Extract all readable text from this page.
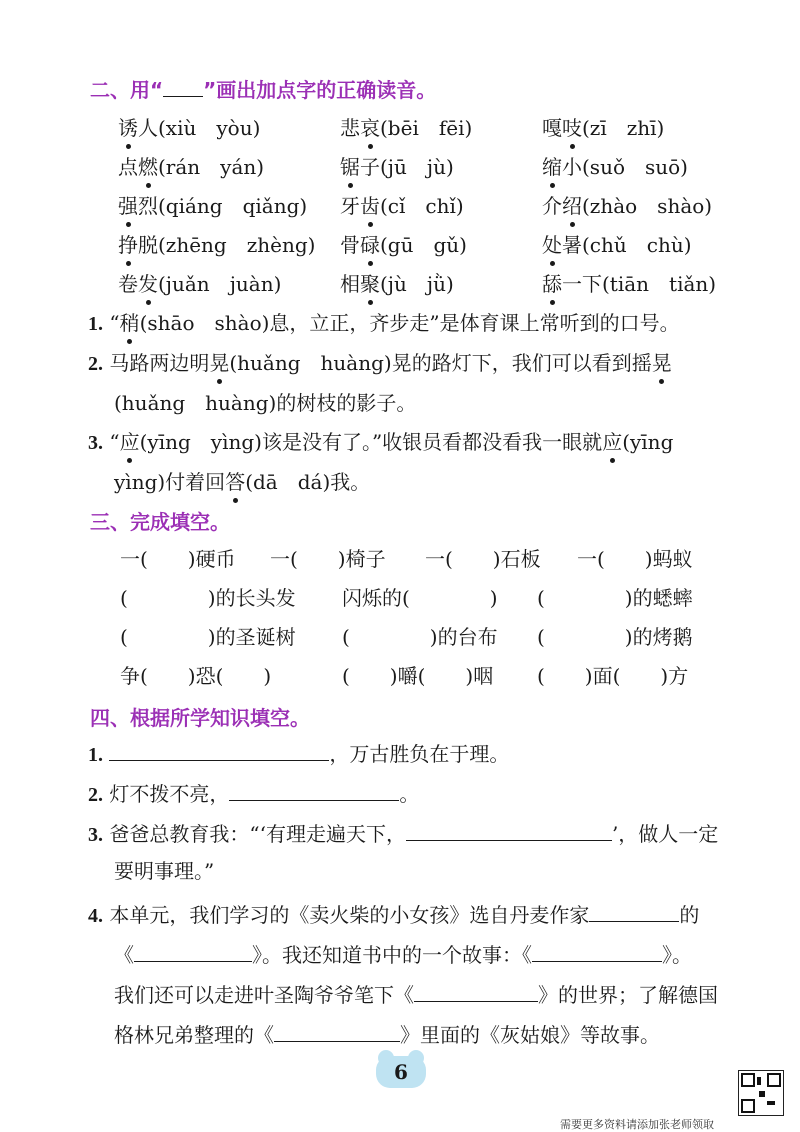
二、用“ ”画出加点字的正确读音。
诱人(xiù　yòu)	悲哀(bēi　fēi)	嘎吱(zī　zhī)
点燃(rán　yán)	锯子(jū　jù)	缩小(suǒ　suō)
强烈(qiáng　qiǎng) 牙齿(cǐ　chǐ)	介绍(zhào　shào)
挣脱(zhēng　zhèng) 骨碌(gū　gǔ)	处暑(chǔ　chù)
卷发(juǎn　juàn)	相聚(jù　jǜ)	舔一下(tiān　tiǎn)
1. “稍(shāo　shào)息，立正，齐步走”是体育课上常听到的口号。
2. 马路两边明晃(huǎng　huàng)晃的路灯下，我们可以看到摇晃
(huǎng　huàng)的树枝的影子。
3. “应(yīng　yìng)该是没有了。”收银员看都没看我一眼就应(yīng
yìng)付着回答(dā　dá)我。
三、完成填空。
一(　　)硬币 一(　　)椅子 一(　　)石板 一(　　)蚂蚁
(　　　　)的长头发 闪烁的(　　　　) (　　　　)的蟋蟀
(　　　　)的圣诞树 (　　　　)的台布 (　　　　)的烤鹅
争(　　)恐(　　)	(　　)嚼(　　)咽 (　　)面(　　)方
四、根据所学知识填空。
1.	，万古胜负在于理。
2. 灯不拨不亮，	。
3. 爸爸总教育我：“‘有理走遍天下，	’，做人一定
要明事理。”
4. 本单元，我们学习的《卖火柴的小女孩》选自丹麦作家	的
《	》。我还知道书中的一个故事：《	》。
我们还可以走进叶圣陶爷爷笔下《	》的世界；了解德国
格林兄弟整理的《	》里面的《灰姑娘》等故事。
6
需要更多资料请添加张老师领取
